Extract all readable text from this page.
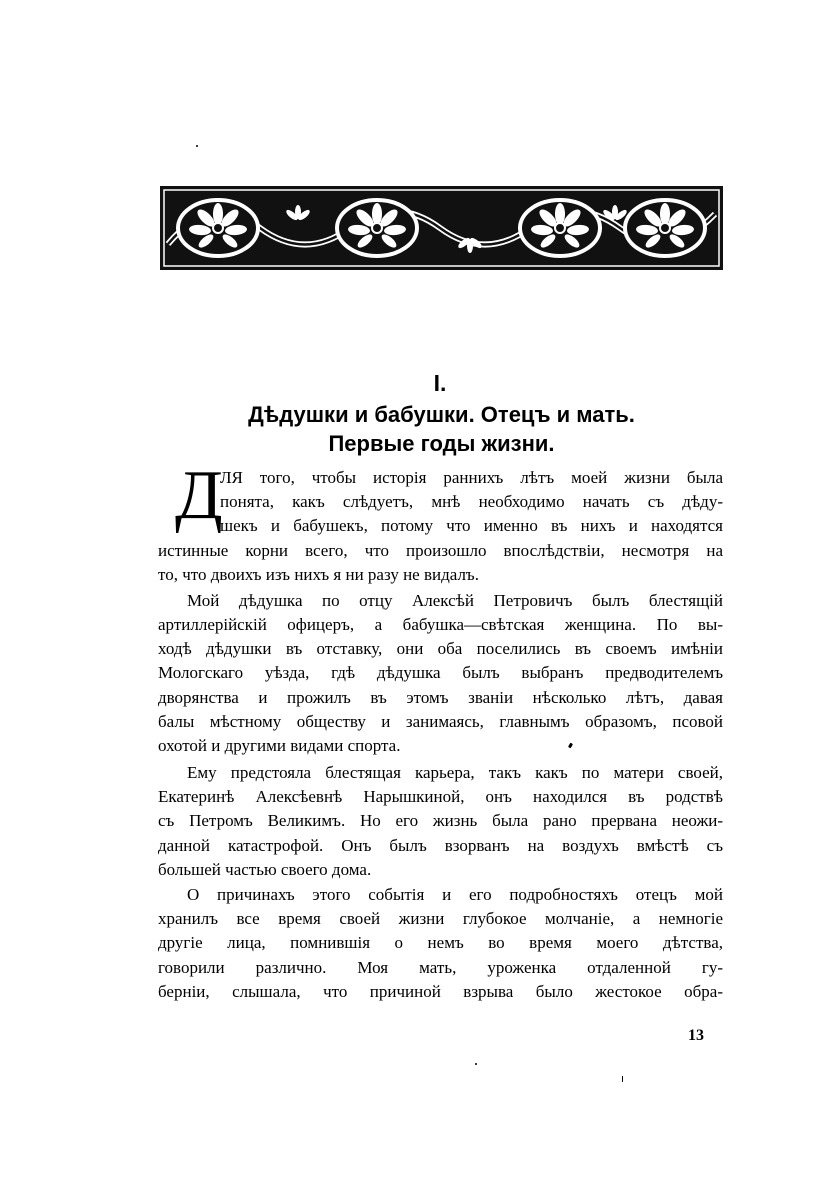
I.
Дѣдушки и бабушки. Отецъ и мать.
Первые годы жизни.
Д
ЛЯ того, чтобы исторія раннихъ лѣтъ моей жизни была
понята, какъ слѣдуетъ, мнѣ необходимо начать съ дѣду-
шекъ и бабушекъ, потому что именно въ нихъ и находятся
истинные корни всего, что произошло впослѣдствіи, несмотря на
то, что двоихъ изъ нихъ я ни разу не видалъ.
Мой дѣдушка по отцу Алексѣй Петровичъ былъ блестящій
артиллерійскій офицеръ, а бабушка—свѣтская женщина. По вы-
ходѣ дѣдушки въ отставку, они оба поселились въ своемъ имѣніи
Мологскаго уѣзда, гдѣ дѣдушка былъ выбранъ предводителемъ
дворянства и прожилъ въ этомъ званіи нѣсколько лѣтъ, давая
балы мѣстному обществу и занимаясь, главнымъ образомъ, псовой
охотой и другими видами спорта.
Ему предстояла блестящая карьера, такъ какъ по матери своей,
Екатеринѣ Алексѣевнѣ Нарышкиной, онъ находился въ родствѣ
съ Петромъ Великимъ. Но его жизнь была рано прервана неожи-
данной катастрофой. Онъ былъ взорванъ на воздухъ вмѣстѣ съ
большей частью своего дома.
О причинахъ этого событія и его подробностяхъ отецъ мой
хранилъ все время своей жизни глубокое молчаніе, а немногіе
другіе лица, помнившія о немъ во время моего дѣтства,
говорили различно. Моя мать, уроженка отдаленной гу-
берніи, слышала, что причиной взрыва было жестокое обра-
13
